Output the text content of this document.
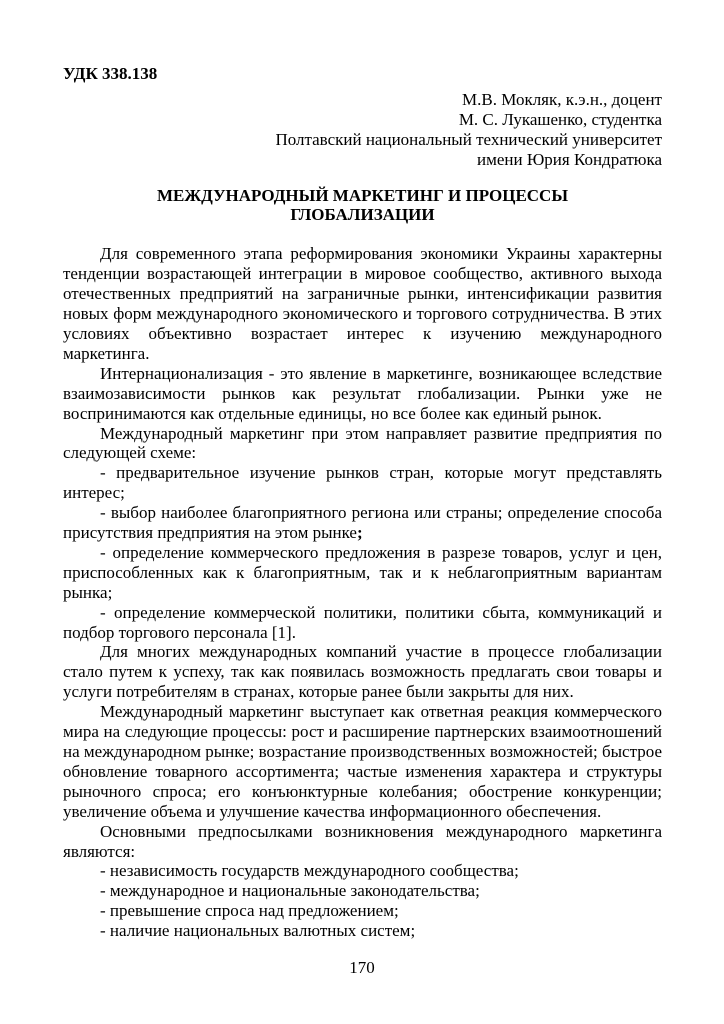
УДК 338.138

М.В. Мокляк, к.э.н., доцент
М. С. Лукашенко, студентка
Полтавский национальный технический университет
имени Юрия Кондратюка
МЕЖДУНАРОДНЫЙ МАРКЕТИНГ И ПРОЦЕССЫ
ГЛОБАЛИЗАЦИИ

Для современного этапа реформирования экономики Украины характерны тенденции возрастающей интеграции в мировое сообщество, активного выхода отечественных предприятий на заграничные рынки, интенсификации развития новых форм международного экономического и торгового сотрудничества. В этих условиях объективно возрастает интерес к изучению международного маркетинга.

Интернационализация - это явление в маркетинге, возникающее вследствие взаимозависимости рынков как результат глобализации. Рынки уже не воспринимаются как отдельные единицы, но все более как единый рынок.

Международный маркетинг при этом направляет развитие предприятия по следующей схеме:

- предварительное изучение рынков стран, которые могут представлять интерес;

- выбор наиболее благоприятного региона или страны; определение способа присутствия предприятия на этом рынке;

- определение коммерческого предложения в разрезе товаров, услуг и цен, приспособленных как к благоприятным, так и к неблагоприятным вариантам рынка;

- определение коммерческой политики, политики сбыта, коммуникаций и подбор торгового персонала [1].

Для многих международных компаний участие в процессе глобализации стало путем к успеху, так как появилась возможность предлагать свои товары и услуги потребителям в странах, которые ранее были закрыты для них.

Международный маркетинг выступает как ответная реакция коммерческого мира на следующие процессы: рост и расширение партнерских взаимоотношений на международном рынке; возрастание производственных возможностей; быстрое обновление товарного ассортимента; частые изменения характера и структуры рыночного спроса; его конъюнктурные колебания; обострение конкуренции; увеличение объема и улучшение качества информационного обеспечения.

Основными предпосылками возникновения международного маркетинга являются:

- независимость государств международного сообщества;

- международное и национальные законодательства;

- превышение спроса над предложением;

- наличие национальных валютных систем;

170
